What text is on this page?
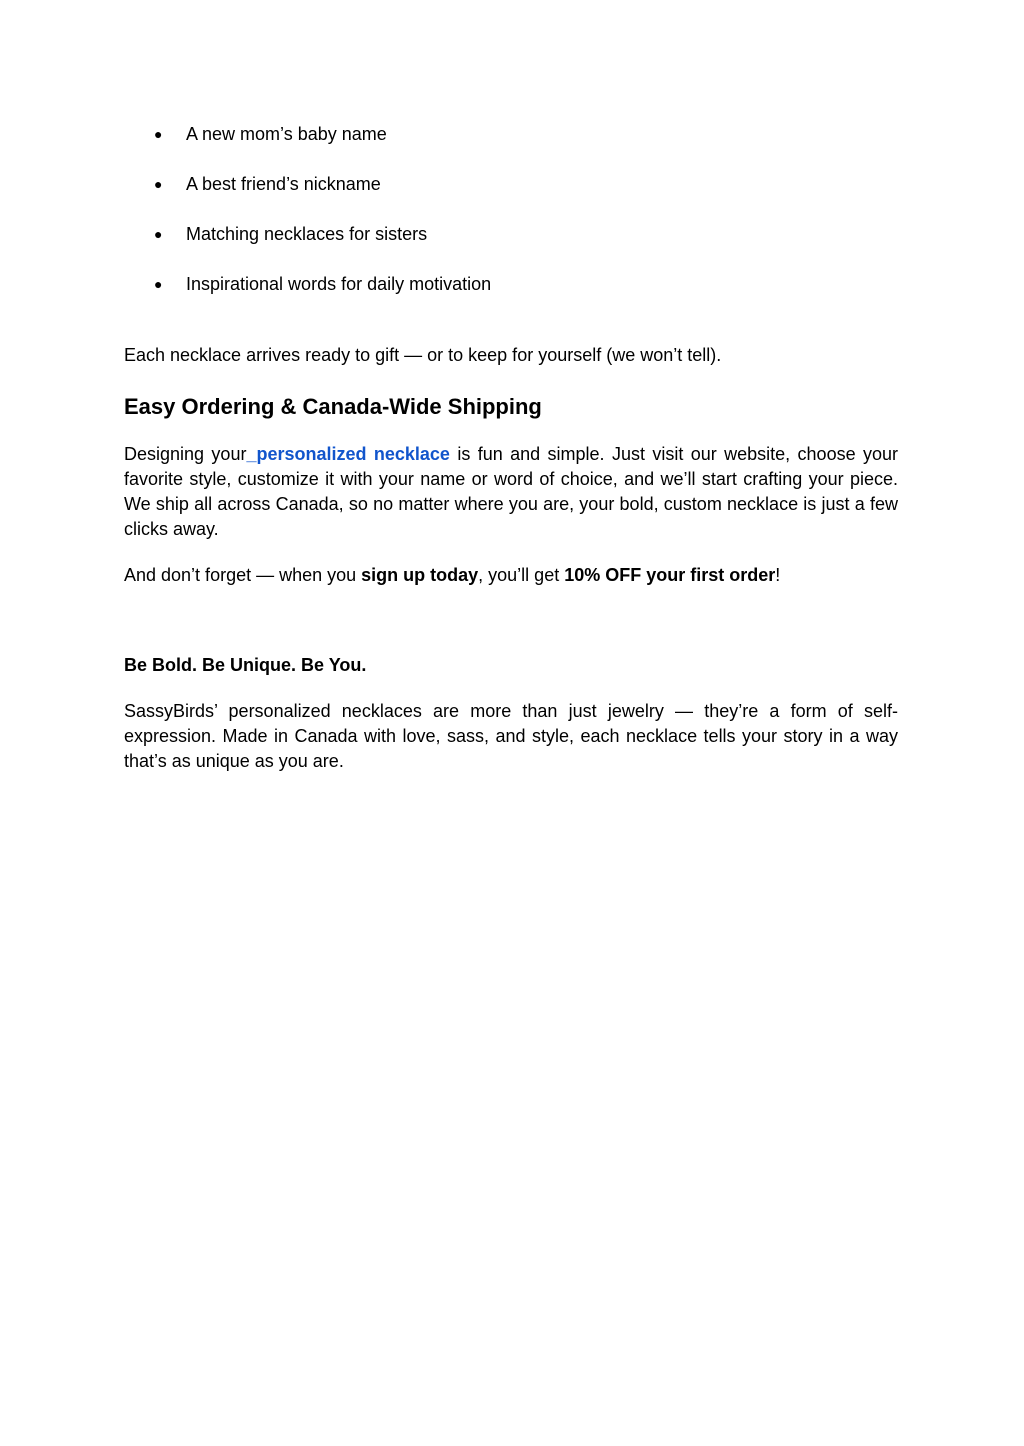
● A new mom’s baby name
● A best friend’s nickname
● Matching necklaces for sisters
● Inspirational words for daily motivation

Each necklace arrives ready to gift — or to keep for yourself (we won’t tell).

Easy Ordering & Canada-Wide Shipping

Designing your_personalized necklace is fun and simple. Just visit our website, choose your favorite style, customize it with your name or word of choice, and we’ll start crafting your piece. We ship all across Canada, so no matter where you are, your bold, custom necklace is just a few clicks away.

And don’t forget — when you sign up today, you’ll get 10% OFF your first order!

Be Bold. Be Unique. Be You.

SassyBirds’ personalized necklaces are more than just jewelry — they’re a form of self-expression. Made in Canada with love, sass, and style, each necklace tells your story in a way that’s as unique as you are.
